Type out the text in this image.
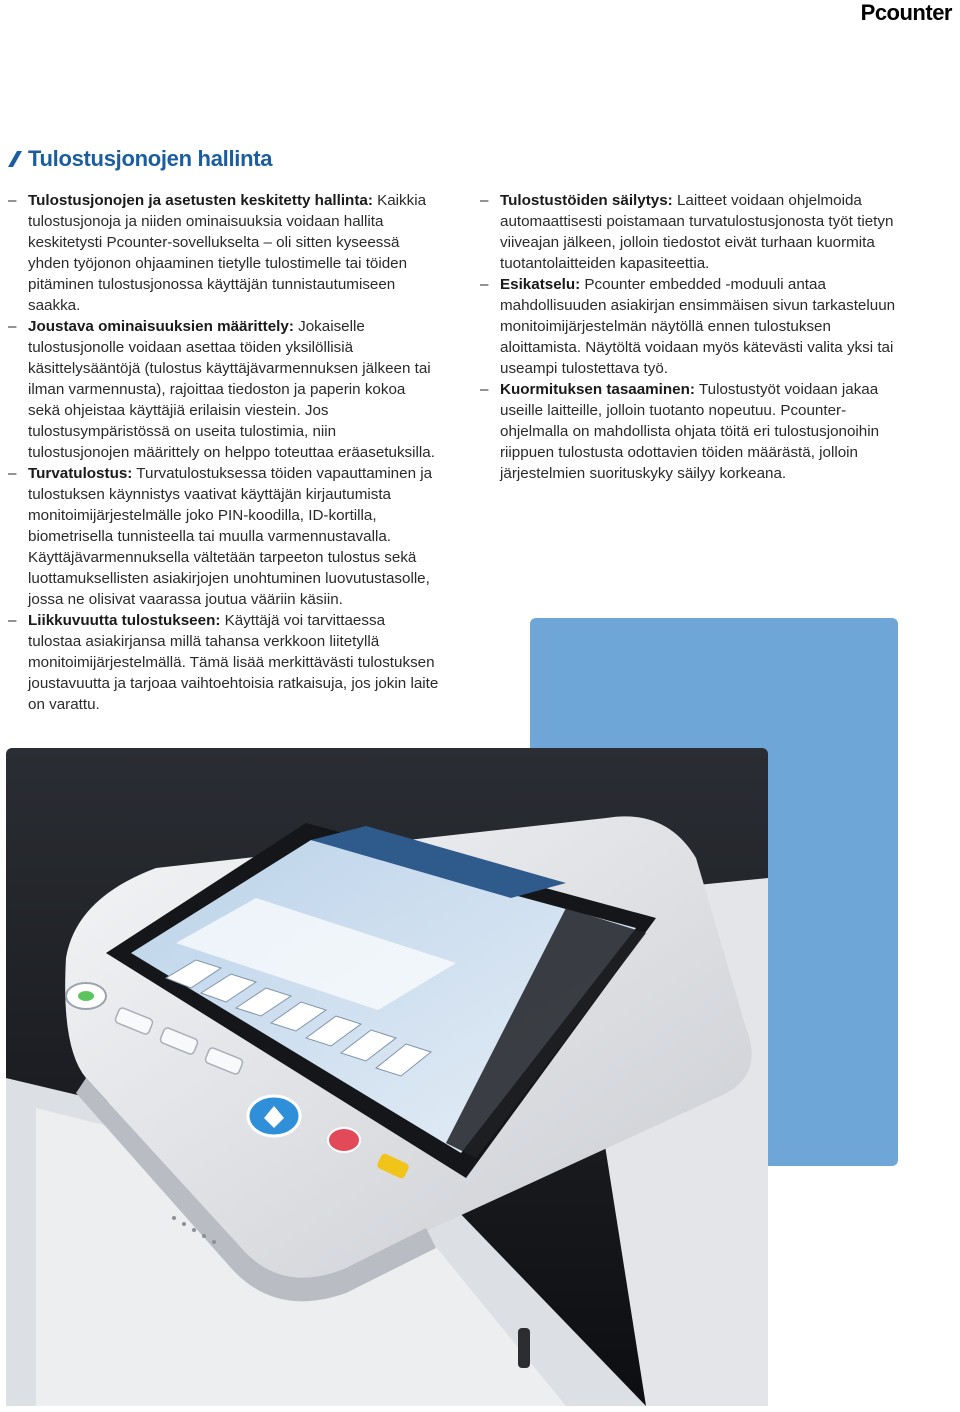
Pcounter
Tulostusjonojen hallinta

– Tulostusjonojen ja asetusten keskitetty hallinta: Kaikkia tulostusjonoja ja niiden ominaisuuksia voidaan hallita keskitetysti Pcounter-sovellukselta – oli sitten kyseessä yhden työjonon ohjaaminen tietylle tulostimelle tai töiden pitäminen tulostusjonossa käyttäjän tunnistautumiseen saakka.

– Joustava ominaisuuksien määrittely: Jokaiselle tulostusjonolle voidaan asettaa töiden yksilöllisiä käsittelysääntöjä (tulostus käyttäjävarmennuksen jälkeen tai ilman varmennusta), rajoittaa tiedoston ja paperin kokoa sekä ohjeistaa käyttäjiä erilaisin viestein. Jos tulostusympäristössä on useita tulostimia, niin tulostusjonojen määrittely on helppo toteuttaa eräasetuksilla.

– Turvatulostus: Turvatulostuksessa töiden vapauttaminen ja tulostuksen käynnistys vaativat käyttäjän kirjautumista monitoimijärjestelmälle joko PIN-koodilla, ID-kortilla, biometrisella tunnisteella tai muulla varmennustavalla. Käyttäjävarmennuksella vältetään tarpeeton tulostus sekä luottamuksellisten asiakirjojen unohtuminen luovutustasolle, jossa ne olisivat vaarassa joutua vääriin käsiin.

– Liikkuvuutta tulostukseen: Käyttäjä voi tarvittaessa tulostaa asiakirjansa millä tahansa verkkoon liitetyllä monitoimijärjestelmällä. Tämä lisää merkittävästi tulostuksen joustavuutta ja tarjoaa vaihtoehtoisia ratkaisuja, jos jokin laite on varattu.

– Tulostustöiden säilytys: Laitteet voidaan ohjelmoida automaattisesti poistamaan turvatulostusjonosta työt tietyn viiveajan jälkeen, jolloin tiedostot eivät turhaan kuormita tuotantolaitteiden kapasiteettia.

– Esikatselu: Pcounter embedded -moduuli antaa mahdollisuuden asiakirjan ensimmäisen sivun tarkasteluun monitoimijärjestelmän näytöllä ennen tulostuksen aloittamista. Näytöltä voidaan myös kätevästi valita yksi tai useampi tulostettava työ.

– Kuormituksen tasaaminen: Tulostustyöt voidaan jakaa useille laitteille, jolloin tuotanto nopeutuu. Pcounter-ohjelmalla on mahdollista ohjata töitä eri tulostusjonoihin riippuen tulostusta odottavien töiden määrästä, jolloin järjestelmien suorituskyky säilyy korkeana.
